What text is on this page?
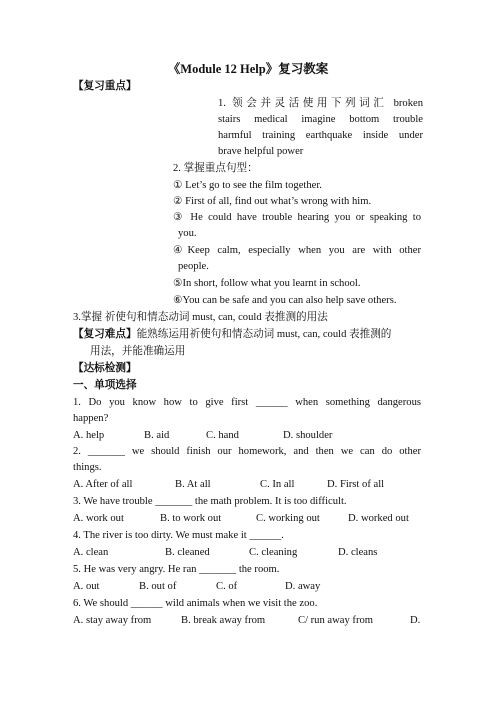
《Module 12 Help》复习教案
【复习重点】
1. 领会并灵活使用下列词汇 broken
stairs medical imagine bottom trouble
harmful training earthquake inside under
brave helpful power
2. 掌握重点句型：
① Let’s go to see the film together.
② First of all, find out what’s wrong with him.
③ He could have trouble hearing you or speaking to
you.
④Keep calm, especially when you are with other
people.
⑤In short, follow what you learnt in school.
⑥You can be safe and you can also help save others.
3.掌握 祈使句和情态动词 must, can, could 表推测的用法
【复习难点】能熟练运用祈使句和情态动词 must, can, could 表推测的
用法，并能准确运用
【达标检测】
一、单项选择
1. Do you know how to give first ______ when something dangerous
happen?
A. help	B. aid	C. hand	D. shoulder
2. _______ we should finish our homework, and then we can do other
things.
A. After of all	B. At all	C. In all	D. First of all
3. We have trouble _______ the math problem. It is too difficult.
A. work out	B. to work out	C. working out	D. worked out
4. The river is too dirty. We must make it ______.
A. clean	B. cleaned	C. cleaning	D. cleans
5. He was very angry. He ran _______ the room.
A. out	B. out of	C. of	D. away
6. We should ______ wild animals when we visit the zoo.
A. stay away from	B. break away from	C/ run away from	D.
